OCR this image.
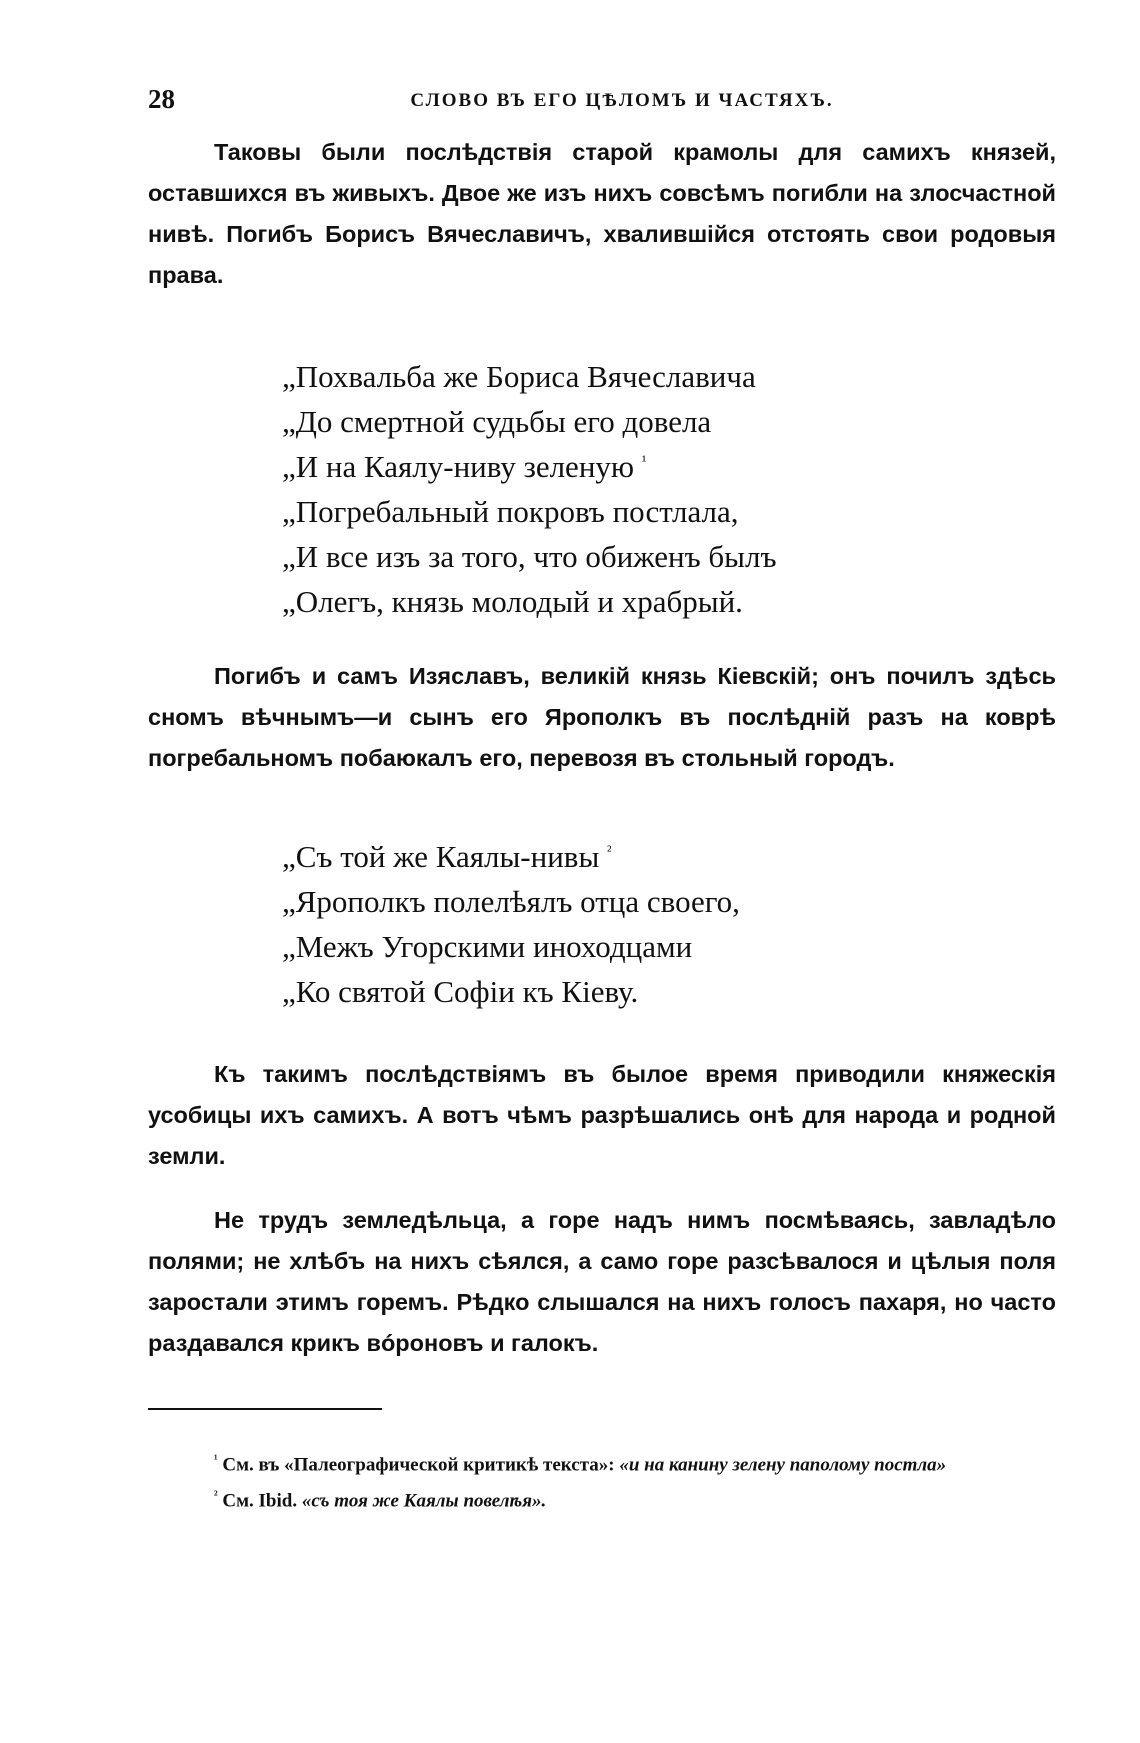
28	СЛОВО ВЪ ЕГО ЦѢЛОМЪ И ЧАСТЯХЪ.

Таковы были послѣдствія старой крамолы для самихъ князей, оставшихся въ живыхъ. Двое же изъ нихъ совсѣмъ погибли на злосчастной нивѣ. Погибъ Борисъ Вячеславичъ, хвалившійся отстоять свои родовыя права.

„Похвальба же Бориса Вячеславича
„До смертной судьбы его довела
„И на Каялу-ниву зеленую $^{^1}$
„Погребальный покровъ постлала,
„И все изъ за того, что обиженъ былъ
„Олегъ, князь молодый и храбрый.

Погибъ и самъ Изяславъ, великій князь Кіевскій; онъ почилъ здѣсь сномъ вѣчнымъ—и сынъ его Ярополкъ въ послѣдній разъ на коврѣ погребальномъ побаюкалъ его, перевозя въ стольный городъ.

„Съ той же Каялы-нивы $^{^2}$
„Ярополкъ полелѣялъ отца своего,
„Межъ Угорскими иноходцами
„Ко святой Софіи къ Кіеву.

Къ такимъ послѣдствіямъ въ былое время приводили княжескія усобицы ихъ самихъ. А вотъ чѣмъ разрѣшались онѣ для народа и родной земли.

Не трудъ земледѣльца, а горе надъ нимъ посмѣваясь, завладѣло полями; не хлѣбъ на нихъ сѣялся, а само горе разсѣвалося и цѣлыя поля заростали этимъ горемъ. Рѣдко слышался на нихъ голосъ пахаря, но часто раздавался крикъ вóроновъ и галокъ.

$^{^1}$ См. въ «Палеографической критикѣ текста»: «и на канину зелену паполому постла»

$^{^2}$ См. Ibid. «съ тоя же Каялы повелѣя».
